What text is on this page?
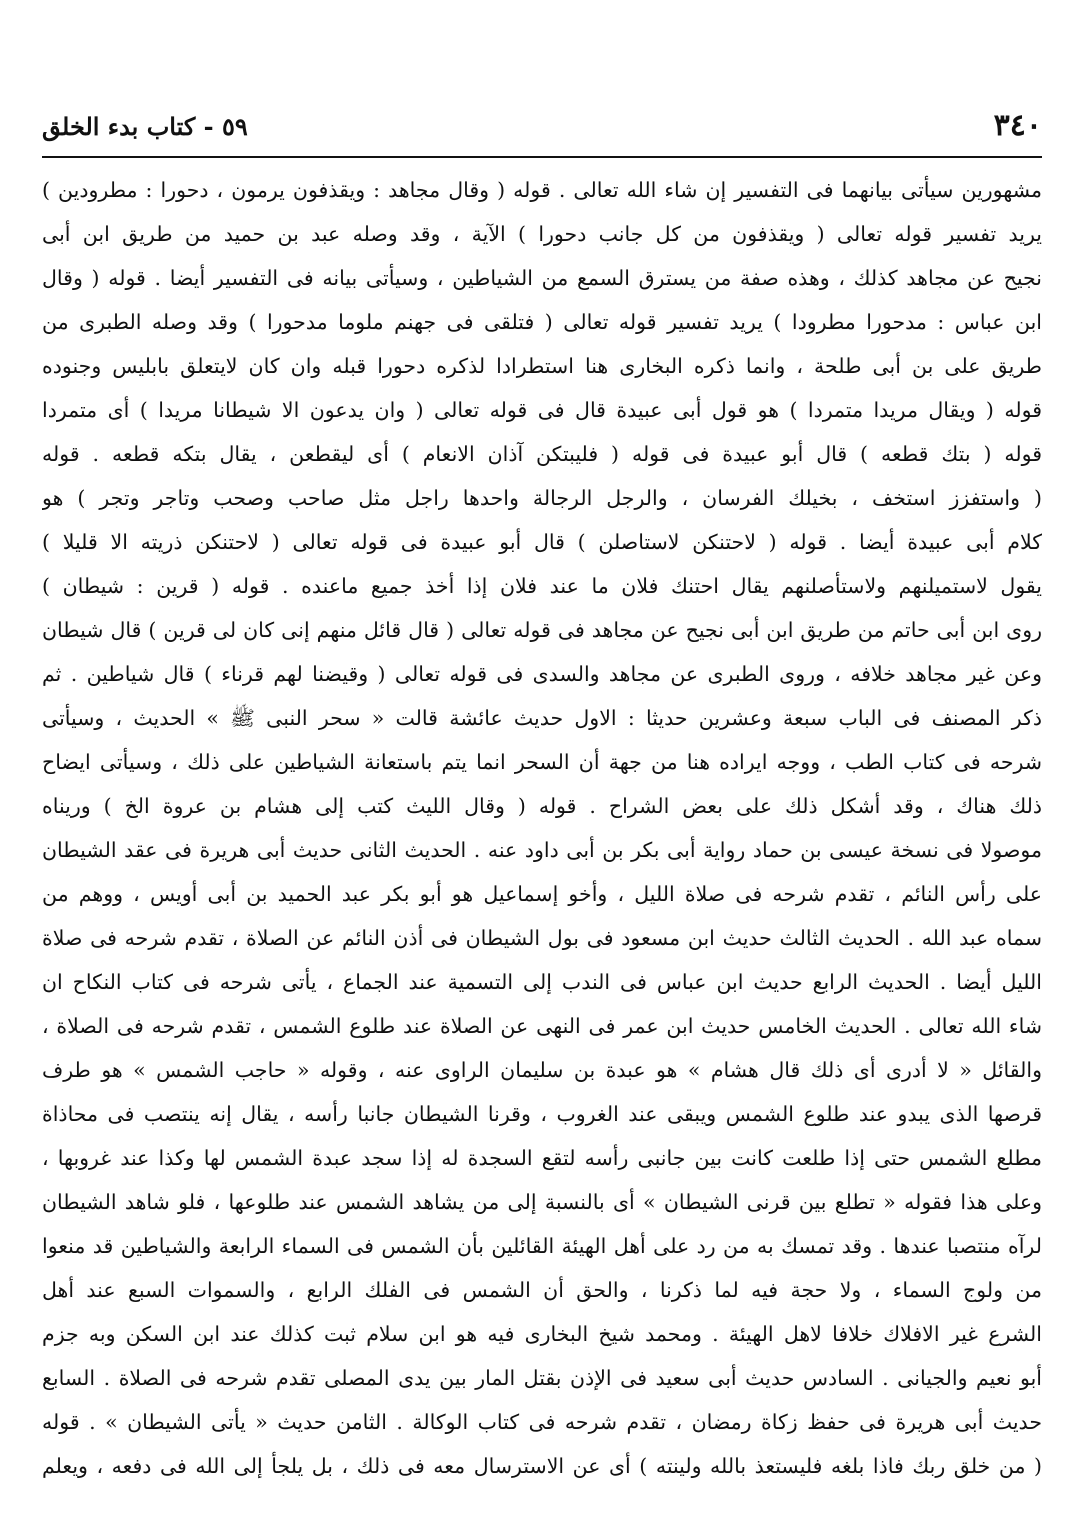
٣٤٠
٥٩ - كتاب بدء الخلق
مشهورين سيأتى بيانهما فى التفسير إن شاء الله تعالى . قوله ( وقال مجاهد : ويقذفون يرمون ، دحورا : مطرودين )
يريد تفسير قوله تعالى ( ويقذفون من كل جانب دحورا ) الآية ، وقد وصله عبد بن حميد من طريق ابن أبى
نجيح عن مجاهد كذلك ، وهذه صفة من يسترق السمع من الشياطين ، وسيأتى بيانه فى التفسير أيضا . قوله ( وقال
ابن عباس : مدحورا مطرودا ) يريد تفسير قوله تعالى ( فتلقى فى جهنم ملوما مدحورا ) وقد وصله الطبرى من
طريق على بن أبى طلحة ، وانما ذكره البخارى هنا استطرادا لذكره دحورا قبله وان كان لايتعلق بابليس وجنوده
قوله ( ويقال مريدا متمردا ) هو قول أبى عبيدة قال فى قوله تعالى ( وان يدعون الا شيطانا مريدا ) أى متمردا
قوله ( بتك قطعه ) قال أبو عبيدة فى قوله ( فليبتكن آذان الانعام ) أى ليقطعن ، يقال بتكه قطعه . قوله
( واستفزز استخف ، بخيلك الفرسان ، والرجل الرجالة واحدها راجل مثل صاحب وصحب وتاجر وتجر ) هو
كلام أبى عبيدة أيضا . قوله ( لاحتنكن لاستاصلن ) قال أبو عبيدة فى قوله تعالى ( لاحتنكن ذريته الا قليلا )
يقول لاستميلنهم ولاستأصلنهم يقال احتنك فلان ما عند فلان إذا أخذ جميع ماعنده . قوله ( قرين : شيطان )
روى ابن أبى حاتم من طريق ابن أبى نجيح عن مجاهد فى قوله تعالى ( قال قائل منهم إنى كان لى قرين ) قال شيطان
وعن غير مجاهد خلافه ، وروى الطبرى عن مجاهد والسدى فى قوله تعالى ( وقيضنا لهم قرناء ) قال شياطين . ثم
ذكر المصنف فى الباب سبعة وعشرين حديثا : الاول حديث عائشة قالت « سحر النبى ﷺ » الحديث ، وسيأتى
شرحه فى كتاب الطب ، ووجه ايراده هنا من جهة أن السحر انما يتم باستعانة الشياطين على ذلك ، وسيأتى ايضاح
ذلك هناك ، وقد أشكل ذلك على بعض الشراح . قوله ( وقال الليث كتب إلى هشام بن عروة الخ ) وريناه
موصولا فى نسخة عيسى بن حماد رواية أبى بكر بن أبى داود عنه . الحديث الثانى حديث أبى هريرة فى عقد الشيطان
على رأس النائم ، تقدم شرحه فى صلاة الليل ، وأخو إسماعيل هو أبو بكر عبد الحميد بن أبى أويس ، ووهم من
سماه عبد الله . الحديث الثالث حديث ابن مسعود فى بول الشيطان فى أذن النائم عن الصلاة ، تقدم شرحه فى صلاة
الليل أيضا . الحديث الرابع حديث ابن عباس فى الندب إلى التسمية عند الجماع ، يأتى شرحه فى كتاب النكاح ان
شاء الله تعالى . الحديث الخامس حديث ابن عمر فى النهى عن الصلاة عند طلوع الشمس ، تقدم شرحه فى الصلاة ،
والقائل « لا أدرى أى ذلك قال هشام » هو عبدة بن سليمان الراوى عنه ، وقوله « حاجب الشمس » هو طرف
قرصها الذى يبدو عند طلوع الشمس ويبقى عند الغروب ، وقرنا الشيطان جانبا رأسه ، يقال إنه ينتصب فى محاذاة
مطلع الشمس حتى إذا طلعت كانت بين جانبى رأسه لتقع السجدة له إذا سجد عبدة الشمس لها وكذا عند غروبها ،
وعلى هذا فقوله « تطلع بين قرنى الشيطان » أى بالنسبة إلى من يشاهد الشمس عند طلوعها ، فلو شاهد الشيطان
لرآه منتصبا عندها . وقد تمسك به من رد على أهل الهيئة القائلين بأن الشمس فى السماء الرابعة والشياطين قد منعوا
من ولوج السماء ، ولا حجة فيه لما ذكرنا ، والحق أن الشمس فى الفلك الرابع ، والسموات السبع عند أهل
الشرع غير الافلاك خلافا لاهل الهيئة . ومحمد شيخ البخارى فيه هو ابن سلام ثبت كذلك عند ابن السكن وبه جزم
أبو نعيم والجيانى . السادس حديث أبى سعيد فى الإذن بقتل المار بين يدى المصلى تقدم شرحه فى الصلاة . السابع
حديث أبى هريرة فى حفظ زكاة رمضان ، تقدم شرحه فى كتاب الوكالة . الثامن حديث « يأتى الشيطان » . قوله
( من خلق ربك فاذا بلغه فليستعذ بالله ولينته ) أى عن الاسترسال معه فى ذلك ، بل يلجأ إلى الله فى دفعه ، ويعلم
